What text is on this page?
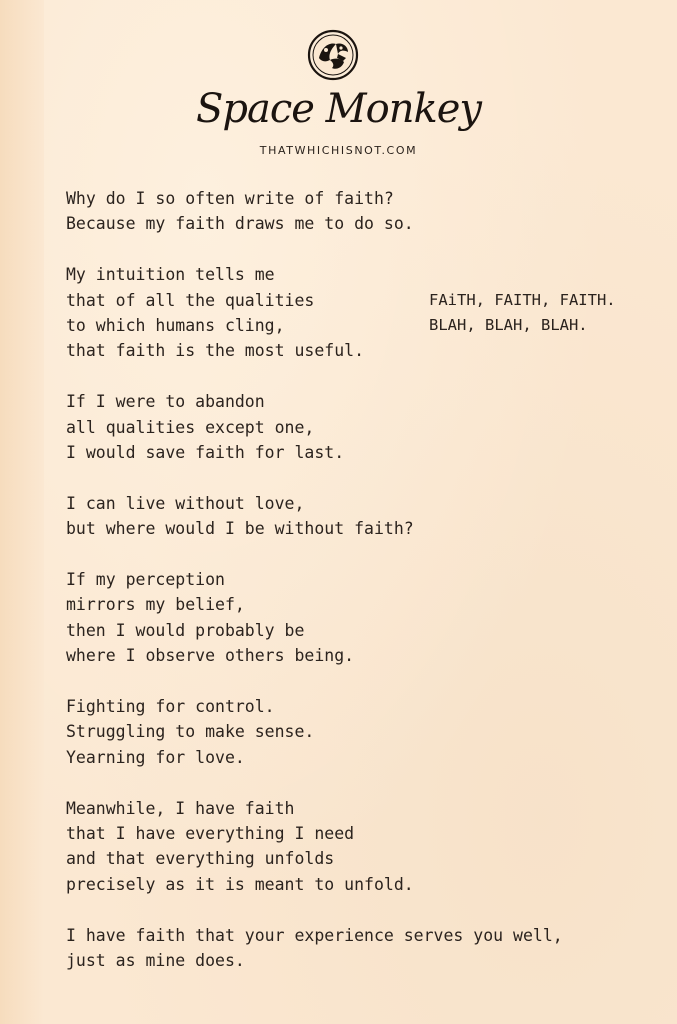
Space Monkey
THATWHICHISNOT.COM
Why do I so often write of faith?
Because my faith draws me to do so.
My intuition tells me
that of all the qualities
to which humans cling,
that faith is the most useful.
If I were to abandon
all qualities except one,
I would save faith for last.
I can live without love,
but where would I be without faith?
If my perception
mirrors my belief,
then I would probably be
where I observe others being.
Fighting for control.
Struggling to make sense.
Yearning for love.
Meanwhile, I have faith
that I have everything I need
and that everything unfolds
precisely as it is meant to unfold.
I have faith that your experience serves you well,
just as mine does.
FAiTH, FAITH, FAITH.
BLAH, BLAH, BLAH.
